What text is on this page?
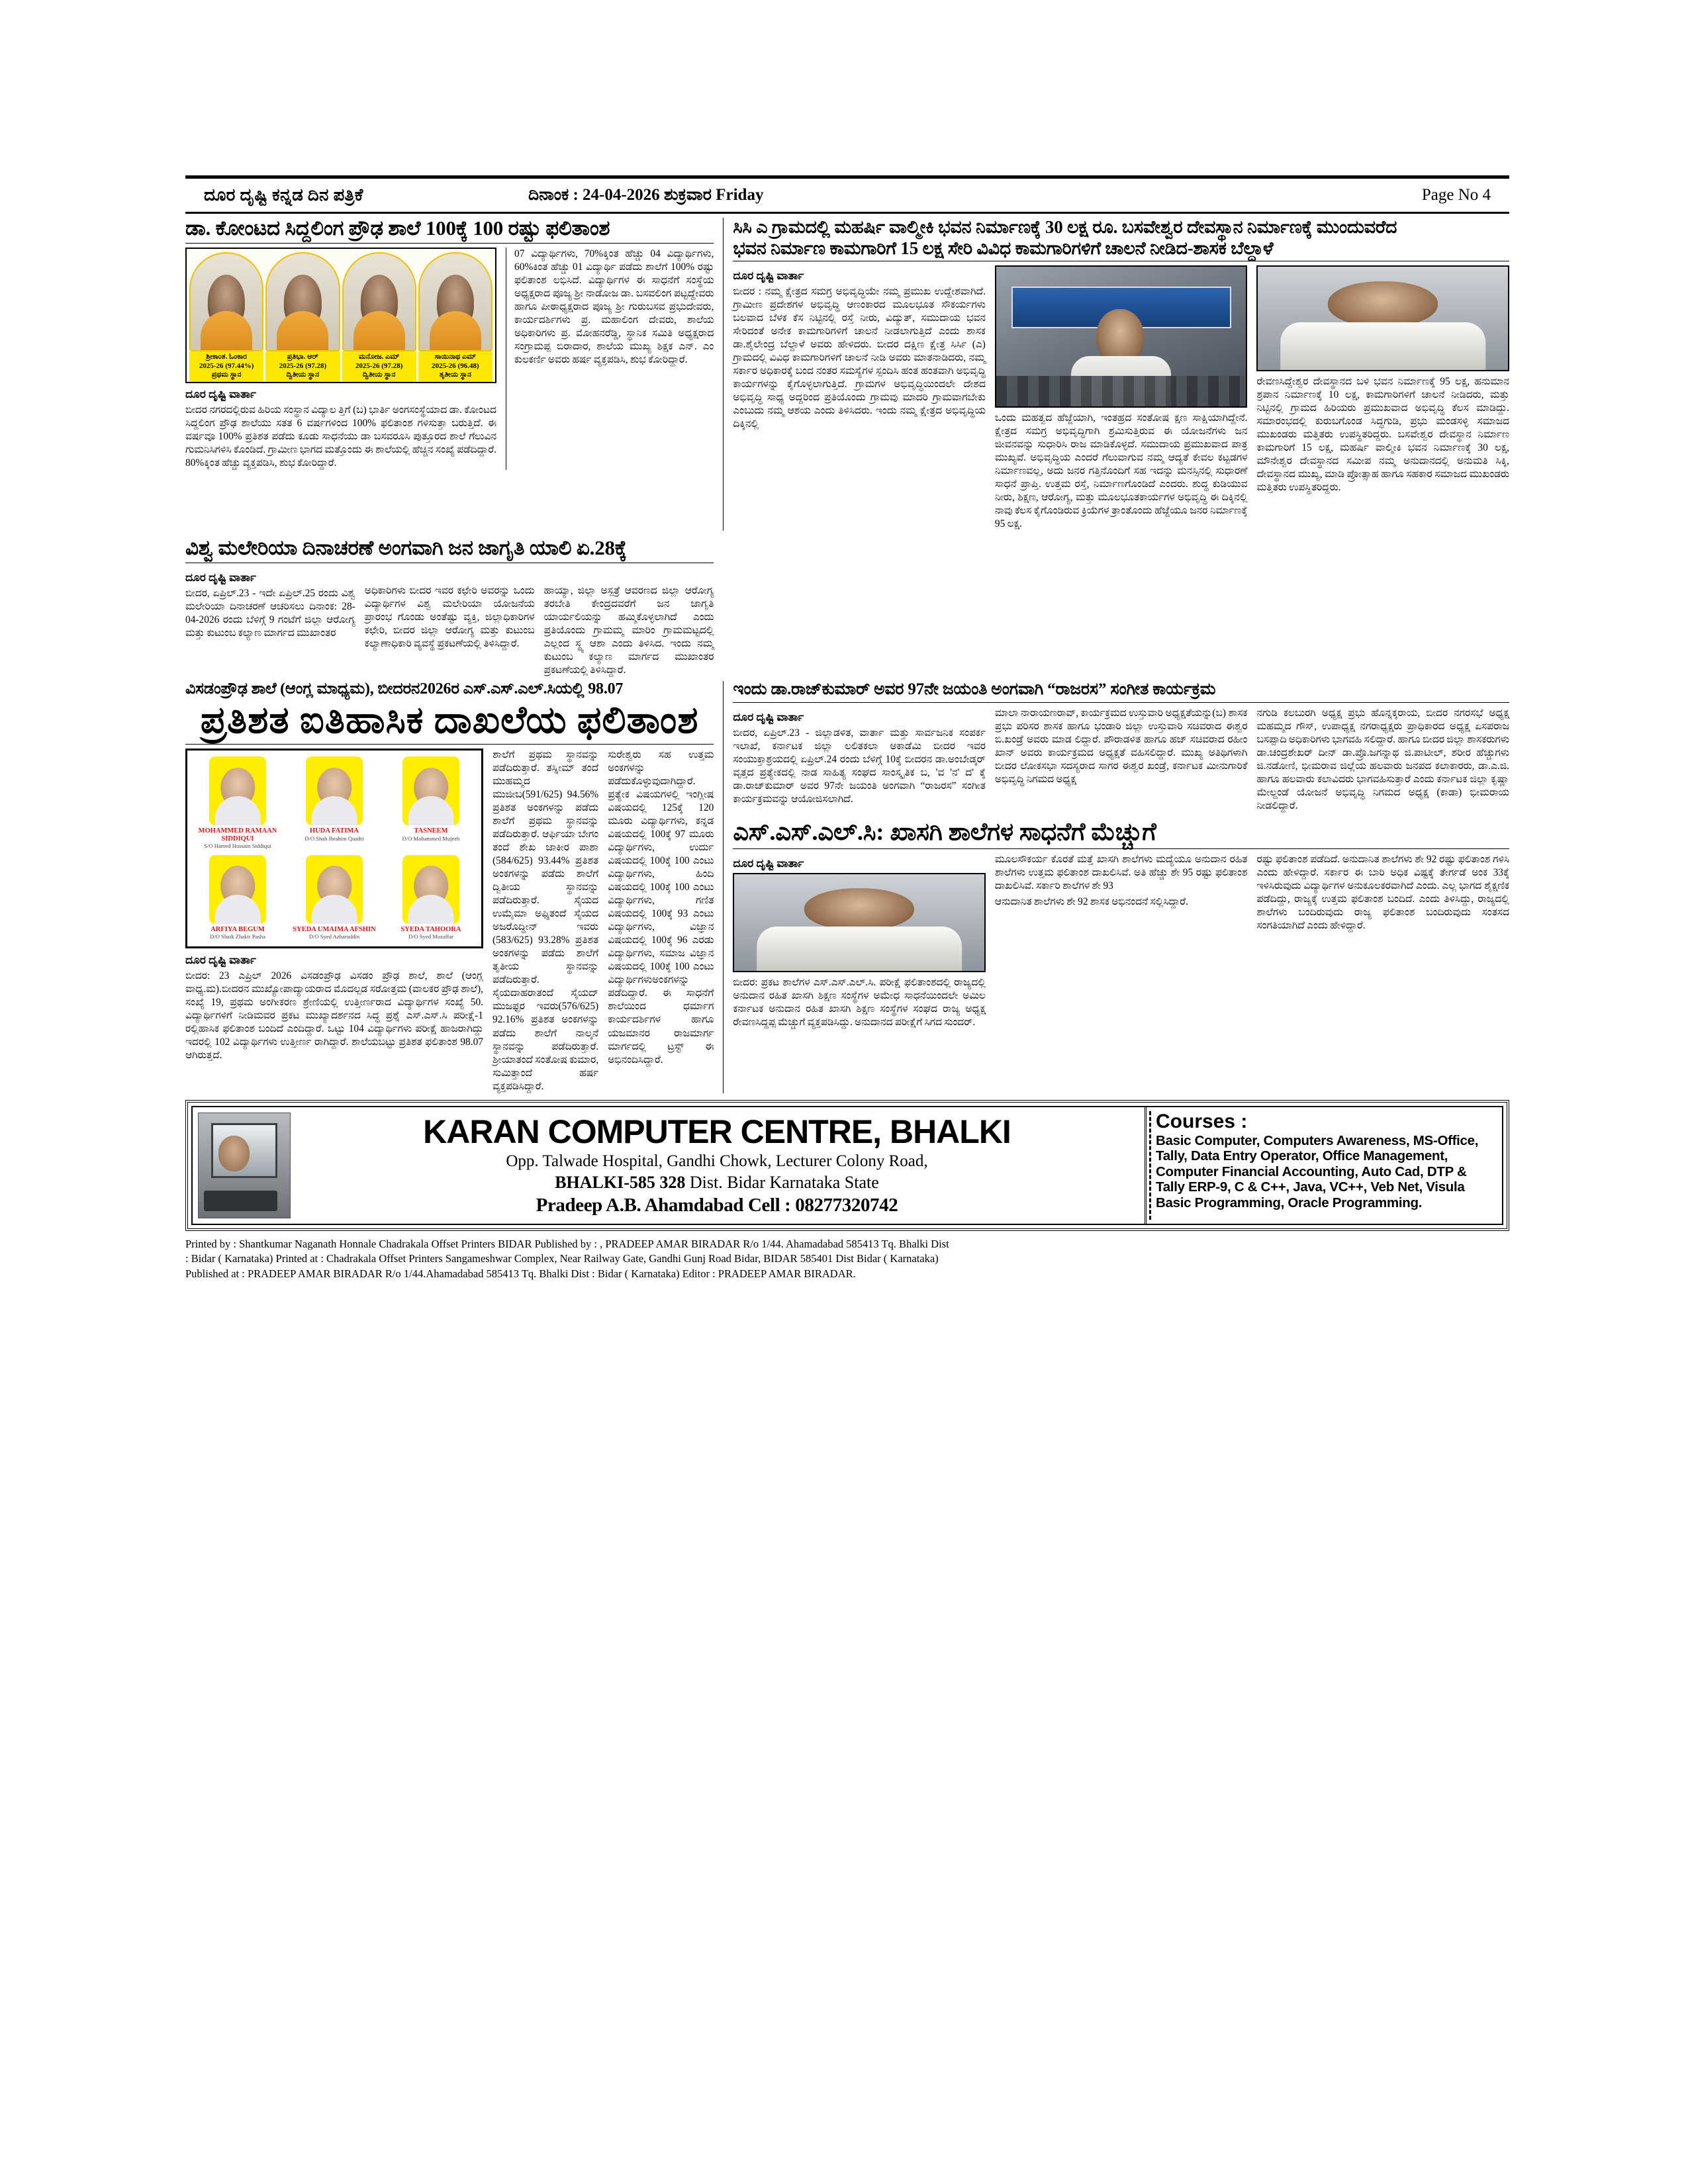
ದೂರ ದೃಷ್ಟಿ ಕನ್ನಡ ದಿನ ಪತ್ರಿಕೆ	ದಿನಾಂಕ : 24-04-2026 ಶುಕ್ರವಾರ Friday	Page No 4
ಡಾ. ಕೋಂಟದ ಸಿದ್ದಲಿಂಗ ಪ್ರೌಢ ಶಾಲೆ 100ಕ್ಕೆ 100 ರಷ್ಟು ಫಲಿತಾಂಶ
ಶ್ರೀಕಾಂತ. ಓಂಕಾರ
2025-26 (97.44%)
ಪ್ರಥಮ ಸ್ಥಾನ
ಪ್ರತಿಭಾ. ಆರ್
2025-26 (97.28)
ದ್ವಿತೀಯ ಸ್ಥಾನ
ಮನೋಜ. ಎಮ್
2025-26 (97.28)
ದ್ವಿತೀಯ ಸ್ಥಾನ
ಸಾಯಿನಾಥ ಎಮ್
2025-26 (96.48)
ತೃತೀಯ ಸ್ಥಾನ
ದೂರ ದೃಷ್ಟಿ ವಾರ್ತಾ
ಬೀದರ ನಗರದಲ್ಲಿರುವ ಹಿರಿಯ ಸಂಸ್ಥಾನ ವಿದ್ಯಾಲ ತ್ತಿಗೆ (ಬ) ಭಾರ್ತಿ ಅಂಗಸಂಸ್ಥೆಯಾದ ಡಾ. ಕೋಂಟದ ಸಿದ್ದಲಿಂಗ ಪ್ರೌಢ ಶಾಲೆಯು ಸತತ 6 ವರ್ಷಗಳಿಂದ 100% ಫಲಿತಾಂಶ ಗಳಿಸುತ್ತಾ ಬರುತ್ತಿದೆ. ಈ ವರ್ಷವೂ 100% ಪ್ರತಿಶತ ಪಡೆದು ಕೂಡು ಸಾಧನೆಯು ಡಾ ಬಸವರೂಸಿ ಪುತ್ತೂರದ ಶಾಲೆ ಗೆಲುವಿನ ಗುಮನಿಸಿಗಳಿಸಿ ಕೊಂಡಿದೆ. ಗ್ರಾಮೀಣ ಭಾಗದ ಮತ್ತೊಂದು ಈ ಶಾಲೆಯಲ್ಲಿ ಹೆಚ್ಚಿನ ಸಂಖ್ಯೆ ಪಡೆದಿದ್ದಾರೆ. 80%ಕ್ಕಿಂತ ಹೆಚ್ಚು ವ್ಯಕ್ತಪಡಿಸಿ, ಶುಭ ಕೋರಿದ್ದಾರೆ.
07 ವಿದ್ಯಾರ್ಥಿಗಳು, 70%ಕ್ಕಿಂತ ಹೆಚ್ಚು 04 ವಿದ್ಯಾರ್ಥಿಗಳು, 60%ಕಿಂತ ಹೆಚ್ಚು 01 ವಿದ್ಯಾರ್ಥಿ ಪಡೆದು ಶಾಲೆಗೆ 100% ರಷ್ಟು ಫಲಿತಾಂಶ ಲಭಿಸಿದೆ. ವಿದ್ಯಾರ್ಥಿಗಳ ಈ ಸಾಧನೆಗೆ ಸಂಸ್ಥೆಯ ಅಧ್ಯಕ್ಷರಾದ ಪೂಜ್ಯ ಶ್ರೀ ನಾಡೋಜ ಡಾ. ಬಸವಲಿಂಗ ಪಟ್ಟದ್ದೇವರು ಹಾಗೂ ಪೀಠಾಧ್ಯಕ್ಷರಾದ ಪೂಜ್ಯ ಶ್ರೀ ಗುರುಬಸವ ಪ್ರಭುದೇವರು, ಕಾರ್ಯದರ್ಶಿಗಳು ಪ್ರ. ಮಹಾಲಿಂಗ ದೇವರು, ಶಾಲೆಯ ಅಧಿಕಾರಿಗಳು ಪ್ರ. ಮೋಹನರೆಡ್ಡಿ, ಸ್ಥಾನಿಕ ಸಮಿತಿ ಅಧ್ಯಕ್ಷರಾದ ಸಂಗ್ರಾಮಪ್ಪ ಬಿರಾದಾರ, ಶಾಲೆಯ ಮುಖ್ಯ ಶಿಕ್ಷಕ ಎನ್. ಎಂ ಕುಲಕರ್ಣಿ ಅವರು ಹರ್ಷ ವ್ಯಕ್ತಪಡಿಸಿ, ಶುಭ ಕೋರಿದ್ದಾರೆ.
ಸಿಸಿ ಎ ಗ್ರಾಮದಲ್ಲಿ ಮಹರ್ಷಿ ವಾಲ್ಮೀಕಿ ಭವನ ನಿರ್ಮಾಣಕ್ಕೆ 30 ಲಕ್ಷ ರೂ. ಬಸವೇಶ್ವರ ದೇವಸ್ಥಾನ ನಿರ್ಮಾಣಕ್ಕೆ ಮುಂದುವರೆದ
ಭವನ ನಿರ್ಮಾಣ ಕಾಮಗಾರಿಗೆ 15 ಲಕ್ಷ ಸೇರಿ ವಿವಿಧ ಕಾಮಗಾರಿಗಳಿಗೆ ಚಾಲನೆ ನೀಡಿದ-ಶಾಸಕ ಬೆಲ್ದಾಳೆ
ದೂರ ದೃಷ್ಟಿ ವಾರ್ತಾ
ಬೀದರ : ನಮ್ಮ ಕ್ಷೇತ್ರದ ಸಮಗ್ರ ಅಭಿವೃದ್ಧಿಯೇ ನಮ್ಮ ಪ್ರಮುಖ ಉದ್ದೇಶವಾಗಿದೆ. ಗ್ರಾಮೀಣ ಪ್ರದೇಶಗಳ ಅಭಿವೃದ್ಧಿ ಆಣಂಕಾರದ ಮೂಲಭೂತ ಸೌಕರ್ಯಗಳು ಬಲವಾದ ಬೆಳಕ ಕೆಸ ನಿಟ್ಟಿನಲ್ಲಿ ರಸ್ತೆ ನೀರು, ವಿದ್ಯುತ್, ಸಮುದಾಯ ಭವನ ಸೇರಿದಂತೆ ಅನೇಕ ಕಾಮಗಾರಿಗಳಿಗೆ ಚಾಲನೆ ನೀಡಲಾಗುತ್ತಿದೆ ಎಂದು ಶಾಸಕ ಡಾ.ಶೈಲೇಂದ್ರ ಬೆಲ್ದಾಳೆ ಅವರು ಹೇಳಿದರು. ಬೀದರ ದಕ್ಷಿಣ ಕ್ಷೇತ್ರ ಸಿರ್ಸಿ (ಎ) ಗ್ರಾಮದಲ್ಲಿ ವಿವಿಧ ಕಾಮಗಾರಿಗಳಿಗೆ ಚಾಲನೆ ನೀಡಿ ಅವರು ಮಾತನಾಡಿದರು, ನಮ್ಮ ಸರ್ಕಾರ ಅಧಿಕಾರಕ್ಕೆ ಬಂದ ನಂತರ ಸಮಸ್ಯೆಗಳ ಸ್ಪಂದಿಸಿ ಹಂತ ಹಂತವಾಗಿ ಅಭಿವೃದ್ಧಿ ಕಾರ್ಯಗಳನ್ನು ಕೈಗೊಳ್ಳಲಾಗುತ್ತಿದೆ. ಗ್ರಾಮಗಳ ಅಭಿವೃದ್ಧಿಯಿಂದಲೇ ದೇಶದ ಅಭಿವೃದ್ಧಿ ಸಾಧ್ಯ ಅದ್ದರಿಂದ ಪ್ರತಿಯೊಂದು ಗ್ರಾಮವು ಮಾದರಿ ಗ್ರಾಮವಾಗಬೇಕು ಎಂಬುದು ನಮ್ಮ ಆಶಯ ಎಂದು ತಿಳಿಸಿದರು. ಇಂದು ನಮ್ಮ ಕ್ಷೇತ್ರದ ಅಭಿವೃದ್ಧಿಯ ದಿಕ್ಕಿನಲ್ಲಿ
ಒಂದು ಮಹತ್ವದ ಹೆಜ್ಜೆಯಾಗಿ, ಇಂತಹ್ರದ ಸಂತೋಷ ಕ್ಷಣ ಸಾಕ್ಷಿಯಾಗಿದ್ದೇನೆ. ಕ್ಷೇತ್ರದ ಸಮಗ್ರ ಅಭಿವೃದ್ಧಿಗಾಗಿ ಶ್ರಮಿಸುತ್ತಿರುವ ಈ ಯೋಜನೆಗಳು ಜನ ಜೀವನವನ್ನು ಸುಧಾರಿಸಿ ರಾಜ ಮಾಡಿಕೊಳ್ಳದೆ. ಸಮುದಾಯ ಪ್ರಮುಖವಾದ ಪಾತ್ರ ಮುಖ್ಯವೆ. ಅಭಿವೃದ್ಧಿಯ ಎಂದರೆ ಗೆಲುವಾಗುವ ನಮ್ಮ ಆದ್ಯತೆ ಕೇವಲ ಕಟ್ಟಡಗಳ ನಿರ್ಮಾಣವಲ್ಲ, ಅದು ಜನರ ಗತ್ತಿನೊಂದಿಗೆ ಸಹ ಇದನ್ನು ಮನಸ್ಸಿನಲ್ಲಿ ಸುಧಾರಣೆ ಸಾಧನೆ ಪ್ರಾಪ್ತಿ. ಉತ್ತಮ ರಸ್ತೆ, ನಿರ್ಮಾಣಗೊಂಡಿದೆ ಎಂದರು. ಶುದ್ಧ ಕುಡಿಯುವ ನೀರು, ಶಿಕ್ಷಣ, ಆರೋಗ್ಯ, ಮತ್ತು ಮೂಲಭೂತಕಾರ್ಯಗಳ ಅಭಿವೃದ್ಧಿ ಈ ದಿಕ್ಕಿನಲ್ಲಿ ನಾವು ಕೆಲಸ ಕೈಗೊಂಡಿರುವ ಕ್ರಿಯೆಗಳ ತ್ರಾಂತೊಂದು ಹೆಜ್ಜೆಯೂ ಜನರ ನಿರ್ಮಾಣಕ್ಕೆ 95 ಲಕ್ಷ.
ರೇವಣಸಿದ್ದೇಶ್ವರ ದೇವಸ್ಥಾನದ ಬಳಿ ಭವನ ನಿರ್ಮಾಣಕ್ಕೆ 95 ಲಕ್ಷ, ಹನುಮಾನ ಶ್ರಪಾನ ನಿರ್ಮಾಣಕ್ಕೆ 10 ಲಕ್ಷ, ಕಾಮಗಾರಿಗಳಿಗೆ ಚಾಲನೆ ನೀಡಿದರು, ಮತ್ತು ನಿಟ್ಟಿನಲ್ಲಿ ಗ್ರಾಮದ ಹಿರಿಯರು ಪ್ರಮುಖವಾದ ಅಭಿವೃದ್ಧಿ ಕೆಲಸ ಮಾಡಿದ್ದು. ಸಮಾರಂಭದಲ್ಲಿ ಕುರುಬಗೊಂಡ ಸಿದ್ಧಗುಡಿ, ಪ್ರಭು ಮಂಡಸಳ್ಳಿ ಸಮಾಜದ ಮುಖಂಡರು ಮತ್ತಿತರು ಉಪಸ್ಥಿತರಿದ್ದರು. ಬಸವೇಶ್ವರ ದೇವಸ್ಥಾನ ನಿರ್ಮಾಣ ಕಾಮಗಾರಿಗೆ 15 ಲಕ್ಷ, ಮಹರ್ಷಿ ವಾಲ್ಮೀಕಿ ಭವನ ನಿರ್ಮಾಣಕ್ಕೆ 30 ಲಕ್ಷ, ಮೌನೇಶ್ವರ ದೇವಸ್ಥಾನದ ಸಮೀಪ ನಮ್ಮ ಅನುದಾನದಲ್ಲಿ ಅನುಮತಿ ಸಿಕ್ಕಿ, ದೇವಸ್ಥಾನದ ಮುಖ್ಯ, ಮಾಡಿ ಪ್ರೋತ್ಸಾಹ ಹಾಗೂ ಸಹಕಾರ ಸಮಾಜದ ಮುಖಂಡರು ಮತ್ತಿತರು ಉಪಸ್ಥಿತರಿದ್ದರು.
ವಿಶ್ವ ಮಲೇರಿಯಾ ದಿನಾಚರಣೆ ಅಂಗವಾಗಿ ಜನ ಜಾಗೃತಿ ಯಾಲಿ ಏ.28ಕ್ಕೆ
ದೂರ ದೃಷ್ಟಿ ವಾರ್ತಾ
ಬೀದರ, ಏಪ್ರಿಲ್.23 - ಇದೇ ಏಪ್ರಿಲ್.25 ರಂದು ವಿಶ್ವ ಮಲೇರಿಯಾ ದಿನಾಚರಣೆ ಆಚರಿಸಲು ದಿನಾಂಕ: 28-04-2026 ರಂದು ಬೆಳಿಗ್ಗೆ 9 ಗಂಟೆಗೆ ಜಿಲ್ಲಾ ಆರೋಗ್ಯ ಮತ್ತು ಕುಟುಂಬ ಕಲ್ಯಾಣ ಮಾರ್ಗದ ಮುಖಾಂತರ
ಅಧಿಕಾರಿಗಳು ಬೀದರ ಇವರ ಕಛೇರಿ ಅವರನ್ನು ಒಂದು ವಿದ್ಯಾರ್ಥಿಗಳ ವಿಶ್ವ ಮಲೇರಿಯಾ ಯೋಜನೆಯ ಪ್ರಾರಂಭ ಗೊಂಡು ಅಂತೆಷ್ಟು ವ್ಯಕ್ತಿ, ಜಿಲ್ಲಾಧಿಕಾರಿಗಳ ಕಛೇರಿ, ಬೀದರ ಜಿಲ್ಲಾ ಆರೋಗ್ಯ ಮತ್ತು ಕುಟುಂಬ ಕಲ್ಯಾಣಾಧಿಕಾರಿ ವ್ಯವಸ್ಥೆ ಪ್ರಕಟಣೆಯಲ್ಲಿ ತಿಳಿಸಿದ್ದಾರೆ.
ಹಾಯ್ಯಾ, ಜಿಲ್ಲಾ ಅಸ್ಪತ್ರೆ ಆವರಣದ ಜಿಲ್ಲಾ ಆರೋಗ್ಯ ತರಬೇತಿ ಕೇಂದ್ರದವರೆಗೆ ಜನ ಜಾಗೃತಿ ಯಾರ್ಯಲಿಯನ್ನು ಹಮ್ಮಿಕೊಳ್ಳಲಾಗಿದೆ ಎಂದು ಪ್ರತಿಯೊಂದು ಗ್ರಾಮಮ್ಮ ಮಾರಿಂ ಗ್ರಾಮಮಟ್ಟದಲ್ಲಿ ಎಲ್ಲಂದ ಸ್ಥ್ಯ ಆಶಾ ಎಂದು ತಿಳಿಸಿದ. ಇಂದು ನಮ್ಮ ಕುಟುಂಬ ಕಲ್ಯಾಣ ಮಾರ್ಗದ ಮುಖಾಂತರ ಪ್ರಕಟಣೆಯಲ್ಲಿ ತಿಳಿಸಿದ್ದಾರೆ.
ವಿಸಡಂಪ್ರೌಢ ಶಾಲೆ (ಆಂಗ್ಲ ಮಾಧ್ಯಮ), ಬೀದರನ2026ರ ಎಸ್.ಎಸ್.ಎಲ್.ಸಿಯಲ್ಲಿ 98.07
ಪ್ರತಿಶತ ಐತಿಹಾಸಿಕ ದಾಖಲೆಯ ಫಲಿತಾಂಶ
MOHAMMED RAMAAN SIDDIQUI
S/O Hamed Hussain Siddiqui
HUDA FATIMA
D/O Shah Ibrahim Quadri
TASNEEM
D/O Mohammed Mujeeb
ARFIYA BEGUM
D/O Shaik Zhakir Pasha
SYEDA UMAIMA AFSHIN
D/O Syed Azharuddin
SYEDA TAHOORA
D/O Syed Muzaffar
ದೂರ ದೃಷ್ಟಿ ವಾರ್ತಾ
ಬೀದರ: 23 ಎಪ್ರಿಲ್ 2026 ವಿಸಡಂಪ್ರೌಢ ವಿಸಡಂ ಪ್ರೌಢ ಶಾಲೆ, ಶಾಲೆ (ಆಂಗ್ಲ ವಾಧ್ಯ.ಮ).ಬೀದರನ ಮುಖ್ಯೋಪಾದ್ಯಾಯರಾದ ಮೊದಲ್ಪಡ ಸರೋತ್ತಮ (ವಾಲಕರ ಪ್ರೌಢ ಶಾಲೆ), ಸಂಖ್ಯೆ 19, ಪ್ರಥಮ ಅಂಗೀಕರಣ ಶ್ರೇಣಿಯಲ್ಲಿ ಉತ್ತೀರ್ಣರಾದ ವಿದ್ಯಾರ್ಥಿಗಳ ಸಂಖ್ಯೆ 50. ವಿದ್ಯಾರ್ಥಿಗಳಿಗೆ ನೀಡಿಮವರ ಪ್ರಕಟ ಮುಖ್ಯಾದರ್ಶನದ ಸಿದ್ಧ ಪ್ರಶ್ನೆ ಎಸ್.ಎಸ್.ಸಿ ಪರೀಕ್ಷೆ-1 ರಲ್ಲಿಹಾಸಿಕ ಫಲಿತಾಂಶ ಬಂದಿದೆ ಎಂದಿದ್ದಾರೆ. ಒಟ್ಟು 104 ವಿದ್ಯಾರ್ಥಿಗಳು ಪರೀಕ್ಷೆ ಹಾಜರಾಗಿದ್ದು ಇದರಲ್ಲಿ 102 ವಿದ್ಯಾರ್ಥಿಗಳು ಉತ್ತೀರ್ಣ ರಾಗಿದ್ದಾರೆ. ಶಾಲೆಯಬಟ್ಟು ಪ್ರತಿಶತ ಫಲಿತಾಂಶ 98.07 ಆಗಿರುತ್ತದೆ.
ಶಾಲೆಗೆ ಪ್ರಥಮ ಸ್ಥಾನವನ್ನು ಪಡೆದಿರುತ್ತಾರೆ. ತಸ್ನೀಮ್ ತಂದೆ ಮುಹಮ್ಮದ ಮುಜೀಬ(591/625) 94.56% ಪ್ರತಿಶತ ಅಂಕಗಳನ್ನು ಪಡೆದು ಶಾಲೆಗೆ ಪ್ರಥಮ ಸ್ಥಾನವನ್ನು ಪಡೆದಿರುತ್ತಾರೆ. ಆರ್ಫಿಯಾ ಬೇಗಂ ತಂದೆ ಶೇಖ ಜಾಕೀರ ಪಾಶಾ (584/625) 93.44% ಪ್ರತಿಶತ ಅಂಕಗಳನ್ನು ಪಡೆದು ಶಾಲೆಗೆ ದ್ವಿತೀಯ ಸ್ಥಾನವನ್ನು ಪಡೆದಿರುತ್ತಾರೆ. ಸೈಯದ ಉಮೈಮಾ ಅಫ್ಶಿತಂದೆ ಸೈಯದ ಅಜರೊದ್ದೀನ್ ಇವರು (583/625) 93.28% ಪ್ರತಿಶತ ಅಂಕಗಳನ್ನು ಪಡೆದು ಶಾಲೆಗೆ ತೃತೀಯ ಸ್ಥಾನವನ್ನು ಪಡೆದಿರುತ್ತಾರೆ. ಸೈಯದಾಹರಾತಂದೆ ಸೈಯದ್ ಮುಜಫ್ಫರ ಇವರು(576/625) 92.16% ಪ್ರತಿಶತ ಅಂಕಗಳನ್ನು ಪಡೆದು ಶಾಲೆಗೆ ನಾಲ್ಕನೆ ಸ್ಥಾನವನ್ನು ಪಡೆದಿರುತ್ತಾರೆ. ಶ್ರೀಯಾತಂದೆ ಸಂತೋಷ ಕುಮಾರ, ಸುಮಿತ್ತಾಂದೆ ಹರ್ಷ ವ್ಯಕ್ತಪಡಿಸಿದ್ದಾರೆ.
ಸುರೇಶ್ವರು ಸಹ ಉತ್ತಮ ಅಂಕಗಳನ್ನು ಪಡೆದುಕೊಳ್ಳುವುದಾಗಿದ್ದಾರೆ. ಪ್ರತ್ಯೇಕ ವಿಷಯಗಳಲ್ಲಿ ಇಂಗ್ಲೀಷ ವಿಷಯದಲ್ಲಿ 125ಕ್ಕೆ 120 ಮೂರು ವಿದ್ಯಾರ್ಥಿಗಳು, ಕನ್ನಡ ವಿಷಯದಲ್ಲಿ 100ಕ್ಕೆ 97 ಮೂರು ವಿದ್ಯಾರ್ಥಿಗಳು, ಉರ್ದು ವಿಷಯದಲ್ಲಿ 100ಕ್ಕೆ 100 ಎಂಟು ವಿದ್ಯಾರ್ಥಿಗಳು, ಹಿಂದಿ ವಿಷಯದಲ್ಲಿ 100ಕ್ಕೆ 100 ಎಂಟು ವಿದ್ಯಾರ್ಥಿಗಳು, ಗಣಿತ ವಿಷಯದಲ್ಲಿ 100ಕ್ಕೆ 93 ಎಂಟು ವಿದ್ಯಾರ್ಥಿಗಳು, ವಿಜ್ಞಾನ ವಿಷಯದಲ್ಲಿ 100ಕ್ಕೆ 96 ಎರಡು ವಿದ್ಯಾರ್ಥಿಗಳು, ಸಮಾಜ ವಿಜ್ಞಾನ ವಿಷಯದಲ್ಲಿ 100ಕ್ಕೆ 100 ಎಂಟು ವಿದ್ಯಾರ್ಥಿಗಳುಅಂಕಗಳನ್ನು ಪಡೆದಿದ್ದಾರೆ. ಈ ಸಾಧನೆಗೆ ಶಾಲೆಯಿಂದ ಧರ್ಮಾಗ ಕಾರ್ಯದರ್ಶಿಗಳ ಹಾಗೂ ಯಜಮಾನರ ರಾಜಮಾರ್ಗ ಮಾರ್ಗದಲ್ಲಿ ಟ್ರಸ್ಟ್ ಈ ಅಭಿನಂದಿಸಿದ್ದಾರೆ.
ಇಂದು ಡಾ.ರಾಜ್‌ಕುಮಾರ್ ಅವರ 97ನೇ ಜಯಂತಿ ಅಂಗವಾಗಿ “ರಾಜರಸ” ಸಂಗೀತ ಕಾರ್ಯಕ್ರಮ
ದೂರ ದೃಷ್ಟಿ ವಾರ್ತಾ
ಬೀದರ, ಏಪ್ರಿಲ್.23 - ಜಿಲ್ಲಾಡಳಿತ, ವಾರ್ತಾ ಮತ್ತು ಸಾರ್ವಜನಿಕ ಸಂಪರ್ಕ ಇಲಾಖೆ, ಕರ್ನಾಟಕ ಜಿಲ್ಲಾ ಲಲಿತಕಲಾ ಅಕಾಡೆಮಿ ಬೀದರ ಇವರ ಸಂಯುಕ್ತಾಶ್ರಯದಲ್ಲಿ ಏಪ್ರಿಲ್.24 ರಂದು ಬೆಳಿಗ್ಗೆ 10ಕ್ಕೆ ಬೀದರನ ಡಾ.ಅಂಬೇಡ್ಕರ್ ವೃತ್ತದ ಪ್ರತ್ಯೇಕದಲ್ಲಿ ನಾಡ ಸಾಹಿತ್ಯ ಸಂಘದ ಸಾಂಸ್ಕೃತಿಕ ಬ, 'ವ 'ನ' ದ' ಕ್ಕೆ ಡಾ.ರಾಜ್‌ಕುಮಾರ್ ಅವರ 97ನೇ ಜಯಂತಿ ಅಂಗವಾಗಿ “ರಾಜರಸ” ಸಂಗೀತ ಕಾರ್ಯಕ್ರಮವನ್ನು ಆಯೋಜಿಸಲಾಗಿದೆ.
ಮಾಲಾ ನಾರಾಯಣರಾವ್, ಕಾರ್ಯಕ್ರಮದ ಉಸ್ತುವಾರಿ ಅಧ್ಯಕ್ಷತೆಯನ್ನು(ಬ) ಶಾಸಕ ಪ್ರಭು ಪರಿಸರ ಶಾಸಕ ಹಾಗೂ ಭಂಡಾರಿ ಜಿಲ್ಲಾ ಉಸ್ತುವಾರಿ ಸಚಿವರಾದ ಈಶ್ವರ ಬಿ.ಖಂಡ್ರೆ ಅವರು ಮಾಡ ಲಿದ್ದಾರೆ. ಪೌರಾಡಳಿತ ಹಾಗೂ ಹಜ್ ಸಚಿವರಾದ ರಹೀಂ ಖಾನ್ ಅವರು ಕಾರ್ಯಕ್ರಮದ ಅಧ್ಯಕ್ಷತೆ ವಹಿಸಲಿದ್ದಾರೆ. ಮುಖ್ಯ ಅತಿಥಿಗಳಾಗಿ ಬೀದರ ಲೋಕಸಭಾ ಸದಸ್ಯರಾದ ಸಾಗರ ಈಶ್ವರ ಖಂಡ್ರೆ, ಕರ್ನಾಟಕ ಮೀನುಗಾರಿಕೆ ಅಭಿವೃದ್ಧಿ ನಿಗಮದ ಅಧ್ಯಕ್ಷ
ನಗುಡಿ ಕಲಬುರಗಿ ಅಧ್ಯಕ್ಷ ಪ್ರಭು ಹೊನ್ನಕ್ಕರಾಯ, ಬೀದರ ನಗರಸಭೆ ಅಧ್ಯಕ್ಷ ಮಹಮ್ಮದ ಗೌಸ್, ಉಪಾಧ್ಯಕ್ಷ ನಗರಾಧ್ಯಕ್ಷರು ಪ್ರಾಧಿಕಾರದ ಅಧ್ಯಕ್ಷ ಏಸಪರಾಜ ಬಸಪ್ಪಾದಿ ಅಧಿಕಾರಿಗಳು ಭಾಗವಹಿ ಸಲಿದ್ದಾರೆ. ಹಾಗೂ ಬೀದರ ಜಿಲ್ಲಾ ಶಾಸಕರುಗಳು ಡಾ.ಚಂದ್ರಶೇಖರ್ ದೀನ್ ಡಾ.ಪ್ರೊ.ಜಗನ್ನಾಥ ಜಿ.ಪಾಟೀಲ್, ಶರೀರ ಹೆಚ್ಚುಗಳು ಜಿ.ನಡೋಣಿ, ಭೀಮರಾವ ಜಿಲ್ಲೆಯ ಹಲವಾರು ಜನಪದ ಕಲಾಕಾರರು, ಡಾ.ಎ.ಜಿ. ಹಾಗೂ ಹಲವಾರು ಕಲಾವಿದರು ಭಾಗವಹಿಸುತ್ತಾರೆ ಎಂದು ಕರ್ನಾಟಕ ಜಿಲ್ಲಾ ಕೃಷ್ಣಾ ಮೇಲ್ದಂಡೆ ಯೋಜನೆ ಅಭಿವೃದ್ಧಿ ನಿಗಮದ ಅಧ್ಯಕ್ಷ (ಕಾಡಾ) ಭೀಮರಾಯ ನೀಡಲಿದ್ದಾರೆ.
ಎಸ್.ಎಸ್.ಎಲ್.ಸಿ: ಖಾಸಗಿ ಶಾಲೆಗಳ ಸಾಧನೆಗೆ ಮೆಚ್ಚುಗೆ
ದೂರ ದೃಷ್ಟಿ ವಾರ್ತಾ
ಬೀದರ: ಪ್ರಕಟ ಶಾಲೆಗಳ ಎಸ್.ಎಸ್.ಎಲ್.ಸಿ. ಪರೀಕ್ಷೆ ಫಲಿತಾಂಶದಲ್ಲಿ ರಾಜ್ಯದಲ್ಲಿ ಅನುದಾನ ರಹಿತ ಖಾಸಗಿ ಶಿಕ್ಷಣ ಸಂಸ್ಥೆಗಳ ಅಮೇಧ ಸಾಧನೆಯಿಂದಲೇ ಅಮಿಲ ಕರ್ನಾಟಕ ಅನುದಾನ ರಹಿತ ಖಾಸಗಿ ಶಿಕ್ಷಣ ಸಂಸ್ಥೆಗಳ ಸಂಘದ ರಾಜ್ಯ ಅಧ್ಯಕ್ಷ ರೇವಣಸಿದ್ದಪ್ಪ ಮೆಚ್ಚುಗೆ ವ್ಯಕ್ತಪಡಿಸಿದ್ದು. ಅನುದಾನದ ಪರೀಕ್ಷೆಗೆ ಸಿಗದ ಸುಂದರ್.
ಮೂಲಸೌಕರ್ಯ ಕೊರತೆ ಮತ್ತೆ ಖಾಸಗಿ ಶಾಲೆಗಳು ಮದ್ಯೆಯೂ ಅನುದಾನ ರಹಿತ ಶಾಲೆಗಳು ಉತ್ತಮ ಫಲಿತಾಂಶ ದಾಖಲಿಸಿವೆ. ಅತಿ ಹೆಚ್ಚು ಶೇ 95 ರಷ್ಟು ಫಲಿತಾಂಶ ದಾಖಲಿಸಿವೆ. ಸರ್ಕಾರಿ ಶಾಲೆಗಳ ಶೇ 93
ಆನುದಾನಿತ ಶಾಲೆಗಳು ಶೇ 92 ಶಾಸಕ ಅಭಿನಂದನೆ ಸಲ್ಲಿಸಿದ್ದಾರೆ.
ರಷ್ಟು ಫಲಿತಾಂಶ ಪಡೆದಿದೆ. ಅನುದಾನಿತ ಶಾಲೆಗಳು ಶೇ 92 ರಷ್ಟು ಫಲಿತಾಂಶ ಗಳಿಸಿ ಎಂದು ಹೇಳಿದ್ದಾರೆ. ಸರ್ಕಾರ ಈ ಬಾರಿ ಅಧಿಕ ವಿಷ್ಟಕ್ಕೆ ತೇರ್ಗಡೆ ಅಂಕ 33ಕ್ಕೆ ಇಳಿಸಿರುವುದು ವಿದ್ಯಾರ್ಥಿಗಳ ಅನುಕೂಲಕರವಾಗಿದೆ ಎಂದು. ಎಲ್ಲ ಭಾಗದ ಶೈಕ್ಷಣಿಕ ಪಡೆದಿದ್ದು, ರಾಜ್ಯಕ್ಕೆ ಉತ್ತಮ ಫಲಿತಾಂಶ ಬಂದಿದೆ. ಎಂದು ತಿಳಿಸಿದ್ದು, ರಾಜ್ಯದಲ್ಲಿ ಶಾಲೆಗಳು ಬಂದಿರುವುದು ರಾಜ್ಯ ಫಲಿತಾಂಶ ಬಂದಿರುವುದು ಸಂತಸದ ಸಂಗತಿಯಾಗಿದೆ ಎಂದು ಹೇಳಿದ್ದಾರೆ.
KARAN COMPUTER CENTRE, BHALKI
Opp. Talwade Hospital, Gandhi Chowk, Lecturer Colony Road,
BHALKI-585 328 Dist. Bidar Karnataka State
Pradeep A.B. Ahamdabad Cell : 08277320742
Courses :
Basic Computer, Computers Awareness, MS-Office, Tally, Data Entry Operator, Office Management, Computer Financial Accounting, Auto Cad, DTP & Tally ERP-9, C & C++, Java, VC++, Veb Net, Visula Basic Programming, Oracle Programming.
Printed by : Shantkumar Naganath Honnale Chadrakala Offset Printers BIDAR Published by : , PRADEEP AMAR BIRADAR R/o 1/44. Ahamadabad 585413 Tq. Bhalki Dist
: Bidar ( Karnataka) Printed at : Chadrakala Offset Printers Sangameshwar Complex, Near Railway Gate, Gandhi Gunj Road Bidar, BIDAR 585401 Dist Bidar ( Karnataka)
Published at : PRADEEP AMAR BIRADAR R/o 1/44.Ahamadabad 585413 Tq. Bhalki Dist : Bidar ( Karnataka) Editor : PRADEEP AMAR BIRADAR.
